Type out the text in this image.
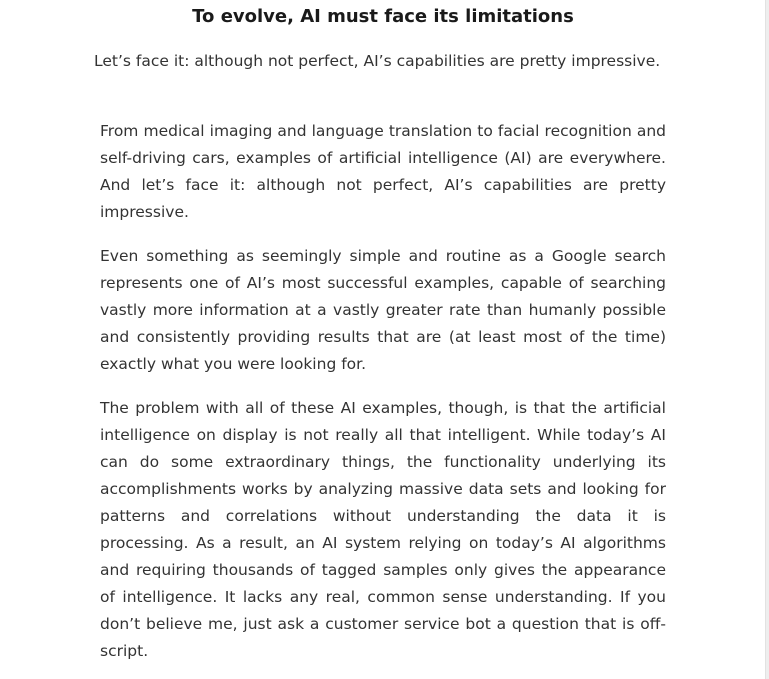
To evolve, AI must face its limitations

Let’s face it: although not perfect, AI’s capabilities are pretty impressive.

From medical imaging and language translation to facial recognition and self-driving cars, examples of artificial intelligence (AI) are everywhere. And let’s face it: although not perfect, AI’s capabilities are pretty impressive.

Even something as seemingly simple and routine as a Google search represents one of AI’s most successful examples, capable of searching vastly more information at a vastly greater rate than humanly possible and consistently providing results that are (at least most of the time) exactly what you were looking for.

The problem with all of these AI examples, though, is that the artificial intelligence on display is not really all that intelligent. While today’s AI can do some extraordinary things, the functionality underlying its accomplishments works by analyzing massive data sets and looking for patterns and correlations without understanding the data it is processing. As a result, an AI system relying on today’s AI algorithms and requiring thousands of tagged samples only gives the appearance of intelligence. It lacks any real, common sense understanding. If you don’t believe me, just ask a customer service bot a question that is off-script.
